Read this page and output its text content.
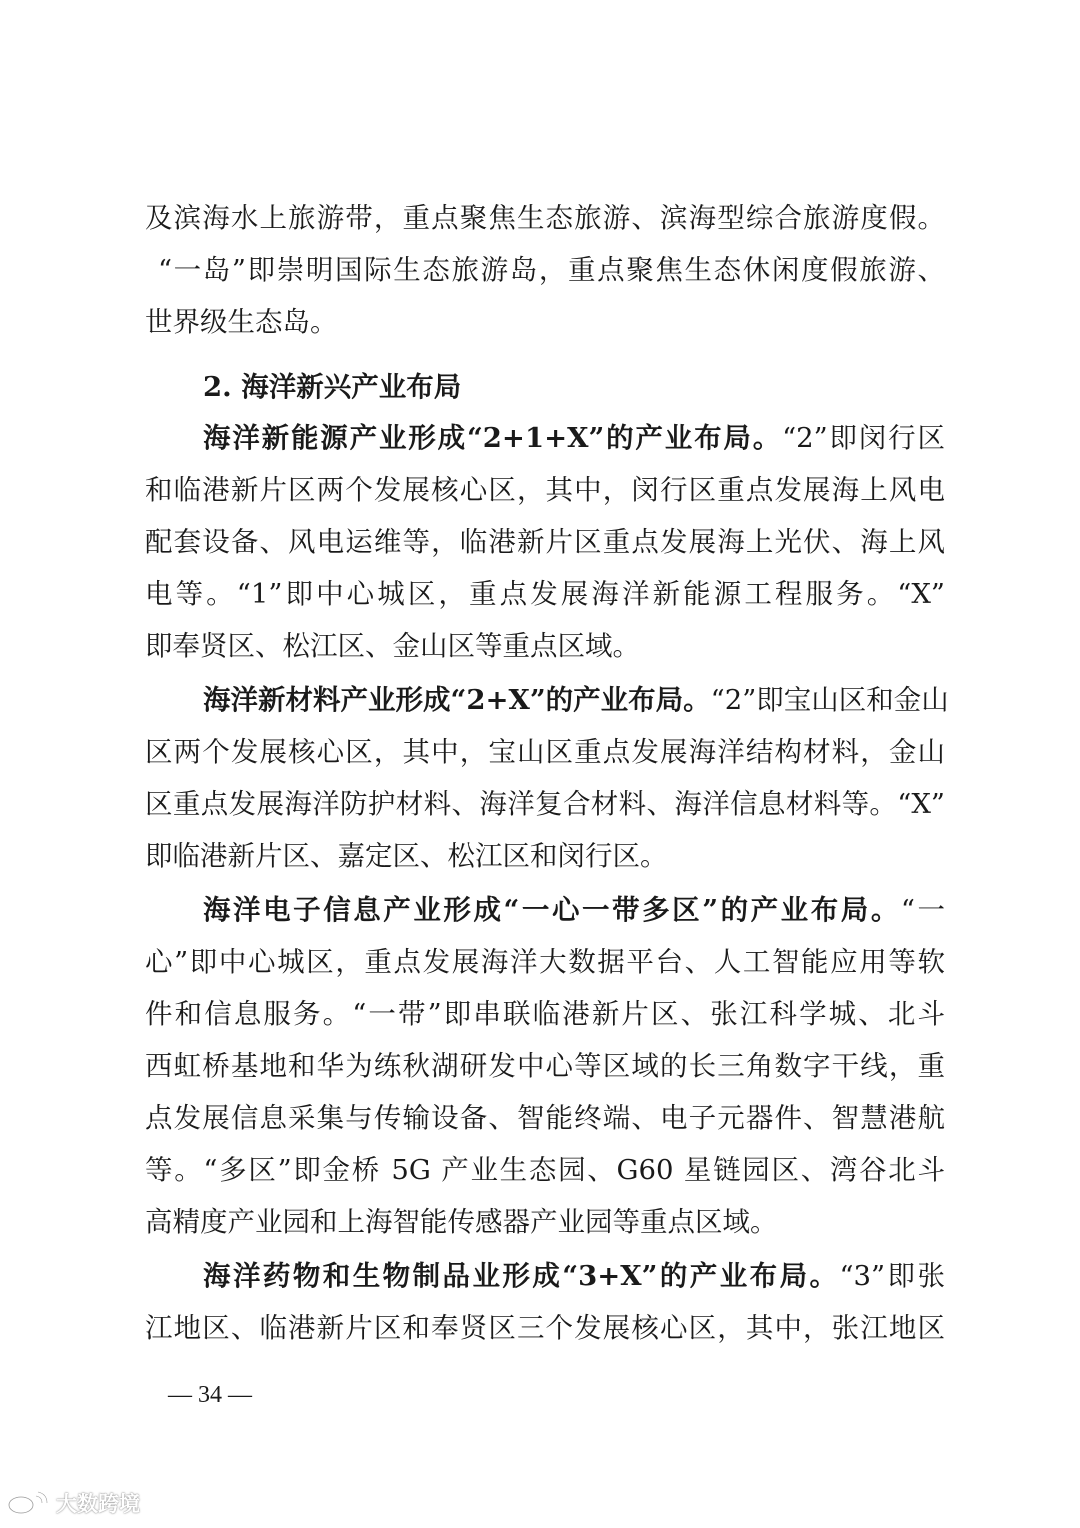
及滨海水上旅游带，重点聚焦生态旅游、滨海型综合旅游度假。
“一岛”即崇明国际生态旅游岛，重点聚焦生态休闲度假旅游、
世界级生态岛。
2. 海洋新兴产业布局
海洋新能源产业形成“2+1+X”的产业布局。“2”即闵行区
和临港新片区两个发展核心区，其中，闵行区重点发展海上风电
配套设备、风电运维等，临港新片区重点发展海上光伏、海上风
电等。“1”即中心城区，重点发展海洋新能源工程服务。“X”
即奉贤区、松江区、金山区等重点区域。
海洋新材料产业形成“2+X”的产业布局。“2”即宝山区和金山
区两个发展核心区，其中，宝山区重点发展海洋结构材料，金山
区重点发展海洋防护材料、海洋复合材料、海洋信息材料等。“X”
即临港新片区、嘉定区、松江区和闵行区。
海洋电子信息产业形成“一心一带多区”的产业布局。“一
心”即中心城区，重点发展海洋大数据平台、人工智能应用等软
件和信息服务。“一带”即串联临港新片区、张江科学城、北斗
西虹桥基地和华为练秋湖研发中心等区域的长三角数字干线，重
点发展信息采集与传输设备、智能终端、电子元器件、智慧港航
等。“多区”即金桥 5G 产业生态园、G60 星链园区、湾谷北斗
高精度产业园和上海智能传感器产业园等重点区域。
海洋药物和生物制品业形成“3+X”的产业布局。“3”即张
江地区、临港新片区和奉贤区三个发展核心区，其中，张江地区
— 34 —
大数跨境
